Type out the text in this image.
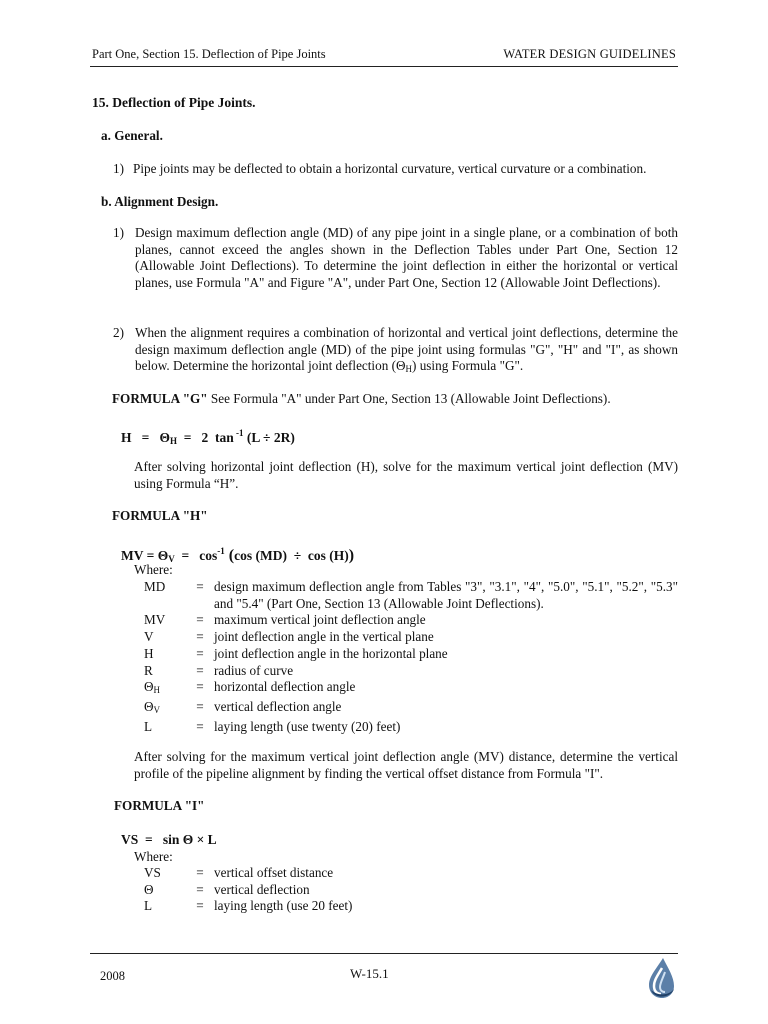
Part One, Section 15. Deflection of Pipe Joints	WATER DESIGN GUIDELINES
15. Deflection of Pipe Joints.
a. General.
1) Pipe joints may be deflected to obtain a horizontal curvature, vertical curvature or a combination.
b. Alignment Design.
1) Design maximum deflection angle (MD) of any pipe joint in a single plane, or a combination of both planes, cannot exceed the angles shown in the Deflection Tables under Part One, Section 12 (Allowable Joint Deflections). To determine the joint deflection in either the horizontal or vertical planes, use Formula "A" and Figure "A", under Part One, Section 12 (Allowable Joint Deflections).
2) When the alignment requires a combination of horizontal and vertical joint deflections, determine the design maximum deflection angle (MD) of the pipe joint using formulas "G", "H" and "I", as shown below. Determine the horizontal joint deflection $(\Theta_H)$ using Formula "G".
FORMULA "G" See Formula "A" under Part One, Section 13 (Allowable Joint Deflections).
$H = \Theta_H = 2$  tan $^{-1}$ (L ÷ 2R)
After solving horizontal joint deflection (H), solve for the maximum vertical joint deflection (MV) using Formula “H”.
FORMULA "H"
MV = $\Theta_V = \cos^{-1} (\cos$ (MD)  ÷  cos (H))
Where:
MD	=	design maximum deflection angle from Tables "3", "3.1", "4", "5.0", "5.1", "5.2", "5.3" and "5.4" (Part One, Section 13 (Allowable Joint Deflections).
MV	=	maximum vertical joint deflection angle
V	=	joint deflection angle in the vertical plane
H	=	joint deflection angle in the horizontal plane
R	=	radius of curve
$\Theta_H$	=	horizontal deflection angle
$\Theta_V$	=	vertical deflection angle
L	=	laying length (use twenty (20) feet)
After solving for the maximum vertical joint deflection angle (MV) distance, determine the vertical profile of the pipeline alignment by finding the vertical offset distance from Formula "I".
FORMULA "I"
VS  =   sin Θ × L
Where:
VS	=	vertical offset distance
Θ	=	vertical deflection
L	=	laying length (use 20 feet)
2008	W-15.1
